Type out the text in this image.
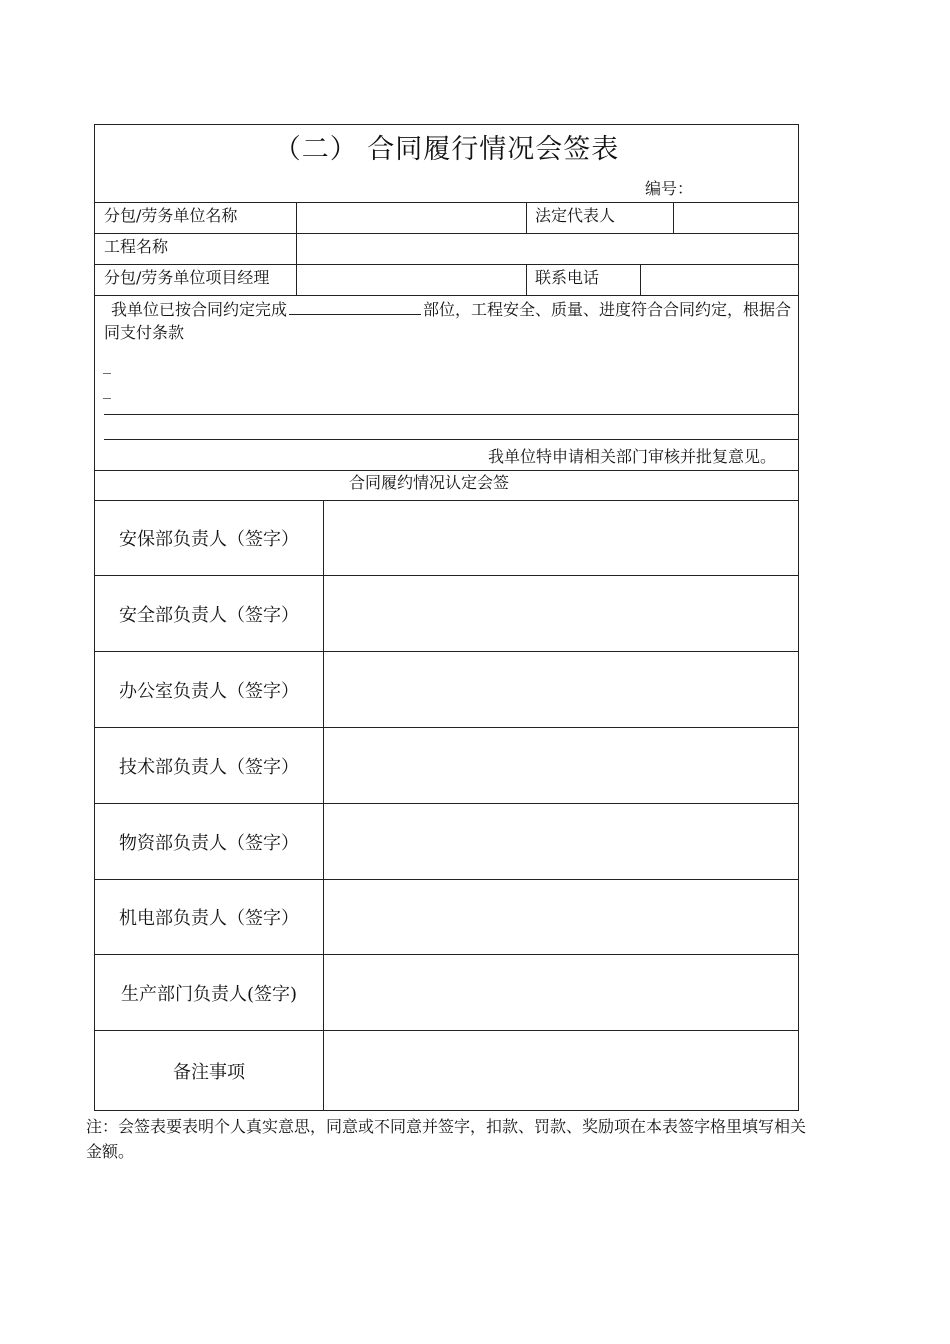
（二） 合同履行情况会签表
编号：
分包/劳务单位名称	法定代表人
工程名称
分包/劳务单位项目经理	联系电话
我单位已按合同约定完成	部位，工程安全、质量、进度符合合同约定，根据合
同支付条款
_
_
我单位特申请相关部门审核并批复意见。
合同履约情况认定会签
安保部负责人（签字）
安全部负责人（签字）
办公室负责人（签字）
技术部负责人（签字）
物资部负责人（签字）
机电部负责人（签字）
生产部门负责人(签字)
备注事项
注：会签表要表明个人真实意思，同意或不同意并签字，扣款、罚款、奖励项在本表签字格里填写相关金额。
